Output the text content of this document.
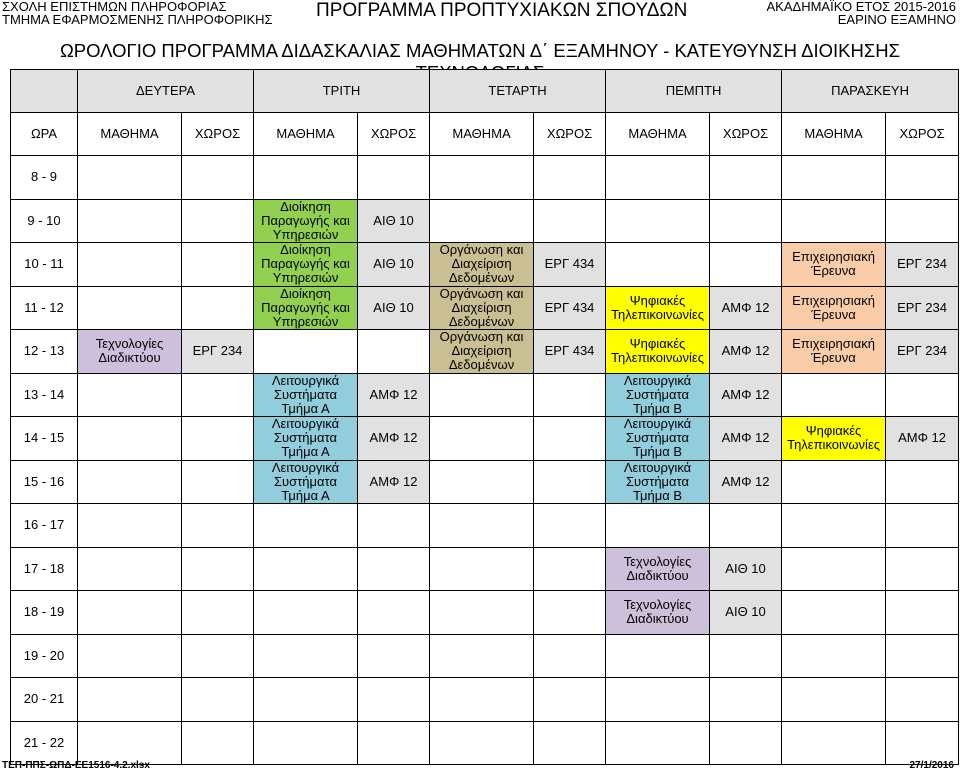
ΣΧΟΛΗ ΕΠΙΣΤΗΜΩΝ ΠΛΗΡΟΦΟΡΙΑΣ
ΤΜΗΜΑ ΕΦΑΡΜΟΣΜΕΝΗΣ ΠΛΗΡΟΦΟΡΙΚΗΣ ΠΡΟΓΡΑΜΜΑ ΠΡΟΠΤΥΧΙΑΚΩΝ ΣΠΟΥΔΩΝ	ΑΚΑΔΗΜΑΪΚΟ ΕΤΟΣ 2015-2016
ΕΑΡΙΝΟ ΕΞΑΜΗΝΟ
ΩΡΟΛΟΓΙΟ ΠΡΟΓΡΑΜΜΑ ΔΙΔΑΣΚΑΛΙΑΣ ΜΑΘΗΜΑΤΩΝ Δ΄ ΕΞΑΜΗΝΟΥ - ΚΑΤΕΥΘΥΝΣΗ ΔΙΟΙΚΗΣΗΣ
	ΔΕΥΤΕΡΑ		ΤΡΙΤΗ		ΤΕΤΑΡΤΗ		ΠΕΜΠΤΗ		ΠΑΡΑΣΚΕΥΗ	
ΩΡΑ	ΜΑΘΗΜΑ	ΧΩΡΟΣ	ΜΑΘΗΜΑ	ΧΩΡΟΣ	ΜΑΘΗΜΑ	ΧΩΡΟΣ	ΜΑΘΗΜΑ	ΧΩΡΟΣ	ΜΑΘΗΜΑ	ΧΩΡΟΣ
8 - 9										
9 - 10			Διοίκηση Παραγωγής και Υπηρεσιών	ΑΙΘ 10						
10 - 11			Διοίκηση Παραγωγής και Υπηρεσιών	ΑΙΘ 10	Οργάνωση και Διαχείριση Δεδομένων	ΕΡΓ 434			Επιχειρησιακή Έρευνα	ΕΡΓ 234
11 - 12			Διοίκηση Παραγωγής και Υπηρεσιών	ΑΙΘ 10	Οργάνωση και Διαχείριση Δεδομένων	ΕΡΓ 434	Ψηφιακές Τηλεπικοινωνίες	ΑΜΦ 12	Επιχειρησιακή Έρευνα	ΕΡΓ 234
12 - 13	Τεχνολογίες Διαδικτύου	ΕΡΓ 234			Οργάνωση και Διαχείριση Δεδομένων	ΕΡΓ 434	Ψηφιακές Τηλεπικοινωνίες	ΑΜΦ 12	Επιχειρησιακή Έρευνα	ΕΡΓ 234
13 - 14			Λειτουργικά Συστήματα Τμήμα Α	ΑΜΦ 12			Λειτουργικά Συστήματα Τμήμα Β	ΑΜΦ 12		
14 - 15			Λειτουργικά Συστήματα Τμήμα Α	ΑΜΦ 12			Λειτουργικά Συστήματα Τμήμα Β	ΑΜΦ 12	Ψηφιακές Τηλεπικοινωνίες	ΑΜΦ 12
15 - 16			Λειτουργικά Συστήματα Τμήμα Α	ΑΜΦ 12			Λειτουργικά Συστήματα Τμήμα Β	ΑΜΦ 12		
16 - 17										
17 - 18							Τεχνολογίες Διαδικτύου	ΑΙΘ 10		
18 - 19							Τεχνολογίες Διαδικτύου	ΑΙΘ 10		
19 - 20										
20 - 21										
21 - 22										
ΤΕΠ-ΠΠΣ-ΩΠΔ-ΕΕ1516-4.2.xlsx	27/1/2016
